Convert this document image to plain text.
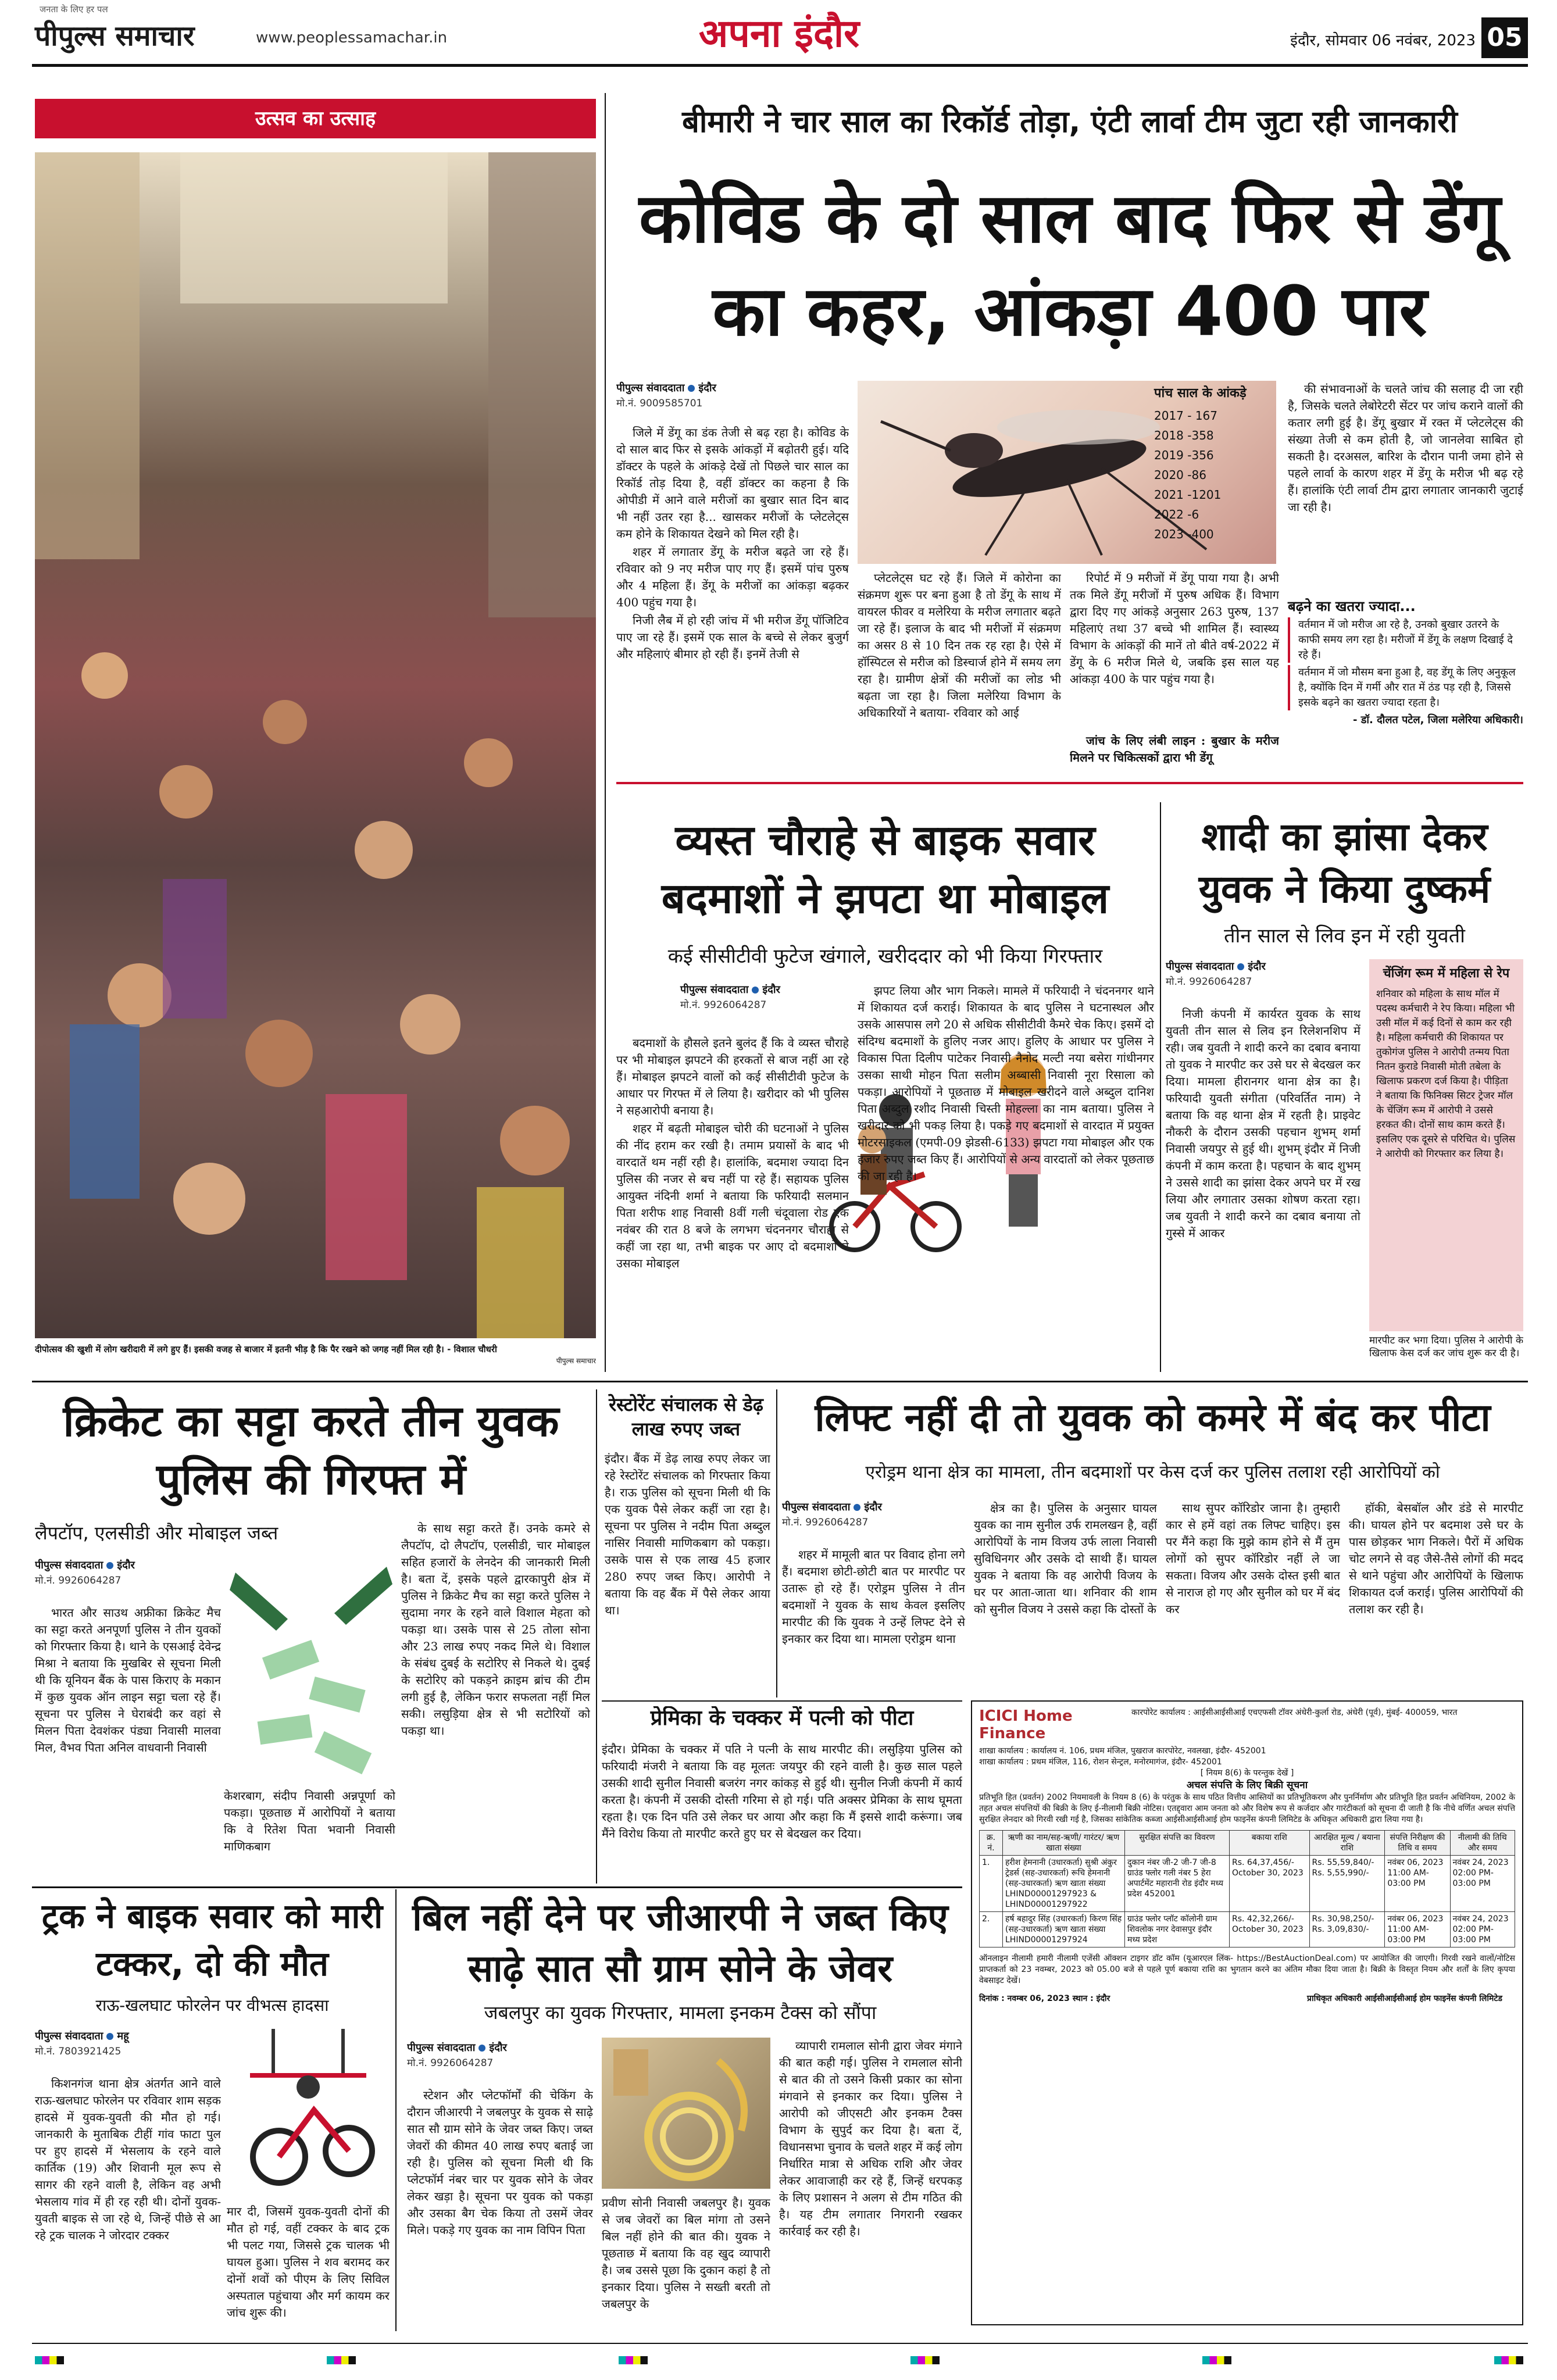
जनता के लिए हर पल
पीपुल्स समाचार	www.peoplessamachar.in	अपना इंदौर	इंदौर, सोमवार 06 नवंबर, 2023 05
उत्सव का उत्साह
दीपोत्सव की खुशी में लोग खरीदारी में लगे हुए हैं। इसकी वजह से बाजार में इतनी भीड़ है कि पैर रखने को जगह नहीं मिल रही है। - विशाल चौधरी
पीपुल्स समाचार
बीमारी ने चार साल का रिकॉर्ड तोड़ा, एंटी लार्वा टीम जुटा रही जानकारी
कोविड के दो साल बाद फिर से डेंगू का कहर, आंकड़ा 400 पार
पीपुल्स संवाददाता इंदौर
मो.नं. 9009585701

जिले में डेंगू का डंक तेजी से बढ़ रहा है। कोविड के दो साल बाद फिर से इसके आंकड़ों में बढ़ोतरी हुई। यदि डॉक्टर के पहले के आंकड़े देखें तो पिछले चार साल का रिकॉर्ड तोड़ दिया है, वहीं डॉक्टर का कहना है कि ओपीडी में आने वाले मरीजों का बुखार सात दिन बाद भी नहीं उतर रहा है... खासकर मरीजों के प्लेटलेट्स कम होने के शिकायत देखने को मिल रही है।

शहर में लगातार डेंगू के मरीज बढ़ते जा रहे हैं। रविवार को 9 नए मरीज पाए गए हैं। इसमें पांच पुरुष और 4 महिला हैं। डेंगू के मरीजों का आंकड़ा बढ़कर 400 पहुंच गया है।

निजी लैब में हो रही जांच में भी मरीज डेंगू पॉजिटिव पाए जा रहे हैं। इसमें एक साल के बच्चे से लेकर बुजुर्ग और महिलाएं बीमार हो रही हैं। इनमें तेजी से

पांच साल के आंकड़े
2017 - 167
2018 -358
2019 -356
2020 -86
2021 -1201
2022 -6
2023 -400

प्लेटलेट्स घट रहे हैं। जिले में कोरोना का संक्रमण शुरू पर बना हुआ है तो डेंगू के साथ में वायरल फीवर व मलेरिया के मरीज लगातार बढ़ते जा रहे हैं। इलाज के बाद भी मरीजों में संक्रमण का असर 8 से 10 दिन तक रह रहा है। ऐसे में हॉस्पिटल से मरीज को डिस्चार्ज होने में समय लग रहा है। ग्रामीण क्षेत्रों की मरीजों का लोड भी बढ़ता जा रहा है। जिला मलेरिया विभाग के अधिकारियों ने बताया- रविवार को आई

रिपोर्ट में 9 मरीजों में डेंगू पाया गया है। अभी तक मिले डेंगू मरीजों में पुरुष अधिक हैं। विभाग द्वारा दिए गए आंकड़े अनुसार 263 पुरुष, 137 महिलाएं तथा 37 बच्चे भी शामिल हैं। स्वास्थ्य विभाग के आंकड़ों की मानें तो बीते वर्ष-2022 में डेंगू के 6 मरीज मिले थे, जबकि इस साल यह आंकड़ा 400 के पार पहुंच गया है।

जांच के लिए लंबी लाइन : बुखार के मरीज मिलने पर चिकित्सकों द्वारा भी डेंगू

की संभावनाओं के चलते जांच की सलाह दी जा रही है, जिसके चलते लेबोरेटरी सेंटर पर जांच कराने वालों की कतार लगी हुई है। डेंगू बुखार में रक्त में प्लेटलेट्स की संख्या तेजी से कम होती है, जो जानलेवा साबित हो सकती है। दरअसल, बारिश के दौरान पानी जमा होने से पहले लार्वा के कारण शहर में डेंगू के मरीज भी बढ़ रहे हैं। हालांकि एंटी लार्वा टीम द्वारा लगातार जानकारी जुटाई जा रही है।

बढ़ने का खतरा ज्यादा...
वर्तमान में जो मरीज आ रहे है, उनको बुखार उतरने के काफी समय लग रहा है। मरीजों में डेंगू के लक्षण दिखाई दे रहे हैं।
वर्तमान में जो मौसम बना हुआ है, वह डेंगू के लिए अनुकूल है, क्योंकि दिन में गर्मी और रात में ठंड पड़ रही है, जिससे इसके बढ़ने का खतरा ज्यादा रहता है।
- डॉ. दौलत पटेल, जिला मलेरिया अधिकारी।
व्यस्त चौराहे से बाइक सवार बदमाशों ने झपटा था मोबाइल
कई सीसीटीवी फुटेज खंगाले, खरीददार को भी किया गिरफ्तार
पीपुल्स संवाददाता इंदौर
मो.नं. 9926064287

बदमाशों के हौसले इतने बुलंद हैं कि वे व्यस्त चौराहे पर भी मोबाइल झपटने की हरकतों से बाज नहीं आ रहे हैं। मोबाइल झपटने वालों को कई सीसीटीवी फुटेज के आधार पर गिरफ्त में ले लिया है। खरीदार को भी पुलिस ने सहआरोपी बनाया है।

शहर में बढ़ती मोबाइल चोरी की घटनाओं ने पुलिस की नींद हराम कर रखी है। तमाम प्रयासों के बाद भी वारदातें थम नहीं रही है। हालांकि, बदमाश ज्यादा दिन पुलिस की नजर से बच नहीं पा रहे हैं। सहायक पुलिस आयुक्त नंदिनी शर्मा ने बताया कि फरियादी सलमान पिता शरीफ शाह निवासी 8वीं गली चंदूवाला रोड एक नवंबर की रात 8 बजे के लगभग चंदननगर चौराहा से कहीं जा रहा था, तभी बाइक पर आए दो बदमाशों ने उसका मोबाइल

झपट लिया और भाग निकले। मामले में फरियादी ने चंदननगर थाने में शिकायत दर्ज कराई। शिकायत के बाद पुलिस ने घटनास्थल और उसके आसपास लगे 20 से अधिक सीसीटीवी कैमरे चेक किए। इसमें दो संदिग्ध बदमाशों के हुलिए नजर आए। हुलिए के आधार पर पुलिस ने विकास पिता दिलीप पाटेकर निवासी नैनोद मल्टी नया बसेरा गांधीनगर उसका साथी मोहन पिता सलीम अब्बासी निवासी नूरा रिसाला को पकड़ा। आरोपियों ने पूछताछ में मोबाइल खरीदने वाले अब्दुल दानिश पिता अब्दुल रशीद निवासी चिस्ती मोहल्ला का नाम बताया। पुलिस ने खरीदार को भी पकड़ लिया है। पकड़े गए बदमाशों से वारदात में प्रयुक्त मोटरसाइकल (एमपी-09 झेडसी-6133) झपटा गया मोबाइल और एक हजार रुपए जब्त किए हैं। आरोपियों से अन्य वारदातों को लेकर पूछताछ की जा रही है।

शादी का झांसा देकर युवक ने किया दुष्कर्म
तीन साल से लिव इन में रही युवती
पीपुल्स संवाददाता इंदौर
मो.नं. 9926064287

निजी कंपनी में कार्यरत युवक के साथ युवती तीन साल से लिव इन रिलेशनशिप में रही। जब युवती ने शादी करने का दबाव बनाया तो युवक ने मारपीट कर उसे घर से बेदखल कर दिया। मामला हीरानगर थाना क्षेत्र का है। फरियादी युवती संगीता (परिवर्तित नाम) ने बताया कि वह थाना क्षेत्र में रहती है। प्राइवेट नौकरी के दौरान उसकी पहचान शुभम् शर्मा निवासी जयपुर से हुई थी। शुभम् इंदौर में निजी कंपनी में काम करता है। पहचान के बाद शुभम् ने उससे शादी का झांसा देकर अपने घर में रख लिया और लगातार उसका शोषण करता रहा। जब युवती ने शादी करने का दबाव बनाया तो गुस्से में आकर

चेंजिंग रूम में महिला से रेप
शनिवार को महिला के साथ मॉल में पदस्थ कर्मचारी ने रेप किया। महिला भी उसी मॉल में कई दिनों से काम कर रही है। महिला कर्मचारी की शिकायत पर तुकोगंज पुलिस ने आरोपी तन्मय पिता नितन कुराडे निवासी मोती तबेला के खिलाफ प्रकरण दर्ज किया है। पीड़िता ने बताया कि फिनिक्स सिटर ट्रेजर मॉल के चेंजिंग रूम में आरोपी ने उससे हरकत की। दोनों साथ काम करते हैं। इसलिए एक दूसरे से परिचित थे। पुलिस ने आरोपी को गिरफ्तार कर लिया है।

मारपीट कर भगा दिया। पुलिस ने आरोपी के खिलाफ केस दर्ज कर जांच शुरू कर दी है।

क्रिकेट का सट्टा करते तीन युवक पुलिस की गिरफ्त में
लैपटॉप, एलसीडी और मोबाइल जब्त
पीपुल्स संवाददाता इंदौर
मो.नं. 9926064287

भारत और साउथ अफ्रीका क्रिकेट मैच का सट्टा करते अनपूर्णा पुलिस ने तीन युवकों को गिरफ्तार किया है। थाने के एसआई देवेन्द्र मिश्रा ने बताया कि मुखबिर से सूचना मिली थी कि यूनियन बैंक के पास किराए के मकान में कुछ युवक ऑन लाइन सट्टा चला रहे हैं। सूचना पर पुलिस ने घेराबंदी कर वहां से मिलन पिता देवशंकर पंड्या निवासी मालवा मिल, वैभव पिता अनिल वाधवानी निवासी

केशरबाग, संदीप निवासी अन्नपूर्णा को पकड़ा। पूछताछ में आरोपियों ने बताया कि वे रितेश पिता भवानी निवासी माणिकबाग

के साथ सट्टा करते हैं। उनके कमरे से लैपटॉप, दो लैपटॉप, एलसीडी, चार मोबाइल सहित हजारों के लेनदेन की जानकारी मिली है। बता दें, इसके पहले द्वारकापुरी क्षेत्र में पुलिस ने क्रिकेट मैच का सट्टा करते पुलिस ने सुदामा नगर के रहने वाले विशाल मेहता को पकड़ा था। उसके पास से 25 तोला सोना और 23 लाख रुपए नकद मिले थे। विशाल के संबंध दुबई के सटोरिए से निकले थे। दुबई के सटोरिए को पकड़ने क्राइम ब्रांच की टीम लगी हुई है, लेकिन फरार सफलता नहीं मिल सकी। लसुड़िया क्षेत्र से भी सटोरियों को पकड़ा था।

रेस्टोरेंट संचालक से डेढ़ लाख रुपए जब्त

इंदौर। बैंक में डेढ़ लाख रुपए लेकर जा रहे रेस्टोरेंट संचालक को गिरफ्तार किया है। राऊ पुलिस को सूचना मिली थी कि एक युवक पैसे लेकर कहीं जा रहा है। सूचना पर पुलिस ने नदीम पिता अब्दुल नासिर निवासी माणिकबाग को पकड़ा। उसके पास से एक लाख 45 हजार 280 रुपए जब्त किए। आरोपी ने बताया कि वह बैंक में पैसे लेकर आया था।

लिफ्ट नहीं दी तो युवक को कमरे में बंद कर पीटा
एरोड्रम थाना क्षेत्र का मामला, तीन बदमाशों पर केस दर्ज कर पुलिस तलाश रही आरोपियों को
पीपुल्स संवाददाता इंदौर
मो.नं. 9926064287

शहर में मामूली बात पर विवाद होना लगे हैं। बदमाश छोटी-छोटी बात पर मारपीट पर उतारू हो रहे हैं। एरोड्रम पुलिस ने तीन बदमाशों ने युवक के साथ केवल इसलिए मारपीट की कि युवक ने उन्हें लिफ्ट देने से इनकार कर दिया था। मामला एरोड्रम थाना

क्षेत्र का है। पुलिस के अनुसार घायल युवक का नाम सुनील उर्फ रामलखन है, वहीं आरोपियों के नाम विजय उर्फ लाला निवासी सुविधिनगर और उसके दो साथी हैं। घायल युवक ने बताया कि वह आरोपी विजय के घर पर आता-जाता था। शनिवार की शाम को सुनील विजय ने उससे कहा कि दोस्तों के

साथ सुपर कॉरिडोर जाना है। तुम्हारी कार से हमें वहां तक लिफ्ट चाहिए। इस पर मैंने कहा कि मुझे काम होने से मैं तुम लोगों को सुपर कॉरिडोर नहीं ले जा सकता। विजय और उसके दोस्त इसी बात से नाराज हो गए और सुनील को घर में बंद कर

हॉकी, बेसबॉल और डंडे से मारपीट की। घायल होने पर बदमाश उसे घर के पास छोड़कर भाग निकले। पैरों में अधिक चोट लगने से वह जैसे-तैसे लोगों की मदद से थाने पहुंचा और आरोपियों के खिलाफ शिकायत दर्ज कराई। पुलिस आरोपियों की तलाश कर रही है।

प्रेमिका के चक्कर में पत्नी को पीटा

इंदौर। प्रेमिका के चक्कर में पति ने पत्नी के साथ मारपीट की। लसुड़िया पुलिस को फरियादी मंजरी ने बताया कि वह मूलतः जयपुर की रहने वाली है। कुछ साल पहले उसकी शादी सुनील निवासी बजरंग नगर कांकड़ से हुई थी। सुनील निजी कंपनी में कार्य करता है। कंपनी में उसकी दोस्ती गरिमा से हो गई। पति अक्सर प्रेमिका के साथ घूमता रहता है। एक दिन पति उसे लेकर घर आया और कहा कि मैं इससे शादी करूंगा। जब मैंने विरोध किया तो मारपीट करते हुए घर से बेदखल कर दिया।

ICICI Home Finance
कारपोरेट कार्यालय : आईसीआईसीआई एचएफसी टॉवर अंधेरी-कुर्ला रोड, अंधेरी (पूर्व), मुंबई- 400059, भारत
शाखा कार्यालय : कार्यालय नं. 106, प्रथम मंजिल, पुखराज कारपोरेट, नवलखा, इंदौर- 452001
शाखा कार्यालय : प्रथम मंजिल, 116, रोशन सेन्ट्रल, मनोरमागंज, इंदौर- 452001
[ नियम 8(6) के परन्तुक देखें ]
अचल संपत्ति के लिए बिक्री सूचना
प्रतिभूति हित (प्रवर्तन) 2002 नियमावली के नियम 8 (6) के परंतुक के साथ पठित वित्तीय आस्तियों का प्रतिभूतिकरण और पुनर्निर्माण और प्रतिभूति हित प्रवर्तन अधिनियम, 2002 के तहत अचल संपत्तियों की बिक्री के लिए ई-नीलामी बिक्री नोटिस। एतद्द्वारा आम जनता को और विशेष रूप से कर्जदार और गारंटीकर्ता को सूचना दी जाती है कि नीचे वर्णित अचल संपत्ति सुरक्षित लेनदार को गिरवी रखी गई है, जिसका सांकेतिक कब्जा आईसीआईसीआई होम फाइनेंस कंपनी लिमिटेड के अधिकृत अधिकारी द्वारा लिया गया है।
क्र. नं.	ऋणी का नाम/सह-ऋणी/ गारंटर/ ऋण खाता संख्या	सुरक्षित संपत्ति का विवरण	बकाया राशि	आरक्षित मूल्य / बयाना राशि	संपत्ति निरीक्षण की तिथि व समय	नीलामी की तिथि और समय
1.	हरीश हेमनानी (उधारकर्ता) सुश्री अंकुर ट्रेडर्स (सह-उधारकर्ता) रूचि हेमनानी (सह-उधारकर्ता) ऋण खाता संख्या LHIND00001297923 & LHIND00001297922	दुकान नंबर जी-2 जी-7 जी-8 ग्राउंड फ्लोर गली नंबर 5 हेरा अपार्टमेंट महारानी रोड इंदौर मध्य प्रदेश 452001	Rs. 64,37,456/- October 30, 2023	Rs. 55,59,840/- Rs. 5,55,990/-	नवंबर 06, 2023 11:00 AM- 03:00 PM	नवंबर 24, 2023 02:00 PM- 03:00 PM
2.	हर्ष बहादुर सिंह (उधारकर्ता) किरण सिंह (सह-उधारकर्ता) ऋण खाता संख्या LHIND00001297924	ग्राउंड फ्लोर प्लॉट कॉलोनी ग्राम शिवलोक नगर देवासपुर इंदौर मध्य प्रदेश	Rs. 42,32,266/- October 30, 2023	Rs. 30,98,250/- Rs. 3,09,830/-	नवंबर 06, 2023 11:00 AM- 03:00 PM	नवंबर 24, 2023 02:00 PM- 03:00 PM
ऑनलाइन नीलामी हमारी नीलामी एजेंसी ऑक्शन टाइगर डॉट कॉम (यूआरएल लिंक- https://BestAuctionDeal.com) पर आयोजित की जाएगी। गिरवी रखने वालों/नोटिस प्राप्तकर्ता को 23 नवम्बर, 2023 को 05.00 बजे से पहले पूर्ण बकाया राशि का भुगतान करने का अंतिम मौका दिया जाता है। बिक्री के विस्तृत नियम और शर्तों के लिए कृपया वेबसाइट देखें।
दिनांक : नवम्बर 06, 2023 स्थान : इंदौर	प्राधिकृत अधिकारी आईसीआईसीआई होम फाइनेंस कंपनी लिमिटेड
ट्रक ने बाइक सवार को मारी टक्कर, दो की मौत
राऊ-खलघाट फोरलेन पर वीभत्स हादसा
पीपुल्स संवाददाता महू
मो.नं. 7803921425

किशनगंज थाना क्षेत्र अंतर्गत आने वाले राऊ-खलघाट फोरलेन पर रविवार शाम सड़क हादसे में युवक-युवती की मौत हो गई। जानकारी के मुताबिक टीहीं गांव फाटा पुल पर हुए हादसे में भेसलाय के रहने वाले कार्तिक (19) और शिवानी मूल रूप से सागर की रहने वाली है, लेकिन वह अभी भेसलाय गांव में ही रह रही थी। दोनों युवक-युवती बाइक से जा रहे थे, जिन्हें पीछे से आ रहे ट्रक चालक ने जोरदार टक्कर

मार दी, जिसमें युवक-युवती दोनों की मौत हो गई, वहीं टक्कर के बाद ट्रक भी पलट गया, जिससे ट्रक चालक भी घायल हुआ। पुलिस ने शव बरामद कर दोनों शवों को पीएम के लिए सिविल अस्पताल पहुंचाया और मर्ग कायम कर जांच शुरू की।

बिल नहीं देने पर जीआरपी ने जब्त किए साढ़े सात सौ ग्राम सोने के जेवर
जबलपुर का युवक गिरफ्तार, मामला इनकम टैक्स को सौंपा
पीपुल्स संवाददाता इंदौर
मो.नं. 9926064287

स्टेशन और प्लेटफॉर्मों की चेकिंग के दौरान जीआरपी ने जबलपुर के युवक से साढ़े सात सौ ग्राम सोने के जेवर जब्त किए। जब्त जेवरों की कीमत 40 लाख रुपए बताई जा रही है। पुलिस को सूचना मिली थी कि प्लेटफॉर्म नंबर चार पर युवक सोने के जेवर लेकर खड़ा है। सूचना पर युवक को पकड़ा और उसका बैग चेक किया तो उसमें जेवर मिले। पकड़े गए युवक का नाम विपिन पिता

प्रवीण सोनी निवासी जबलपुर है। युवक से जब जेवरों का बिल मांगा तो उसने बिल नहीं होने की बात की। युवक ने पूछताछ में बताया कि वह खुद व्यापारी है। जब उससे पूछा कि दुकान कहां है तो इनकार दिया। पुलिस ने सख्ती बरती तो जबलपुर के

व्यापारी रामलाल सोनी द्वारा जेवर मंगाने की बात कही गई। पुलिस ने रामलाल सोनी से बात की तो उसने किसी प्रकार का सोना मंगवाने से इनकार कर दिया। पुलिस ने आरोपी को जीएसटी और इनकम टैक्स विभाग के सुपुर्द कर दिया है। बता दें, विधानसभा चुनाव के चलते शहर में कई लोग निर्धारित मात्रा से अधिक राशि और जेवर लेकर आवाजाही कर रहे हैं, जिन्हें धरपकड़ के लिए प्रशासन ने अलग से टीम गठित की है। यह टीम लगातार निगरानी रखकर कार्रवाई कर रही है।
